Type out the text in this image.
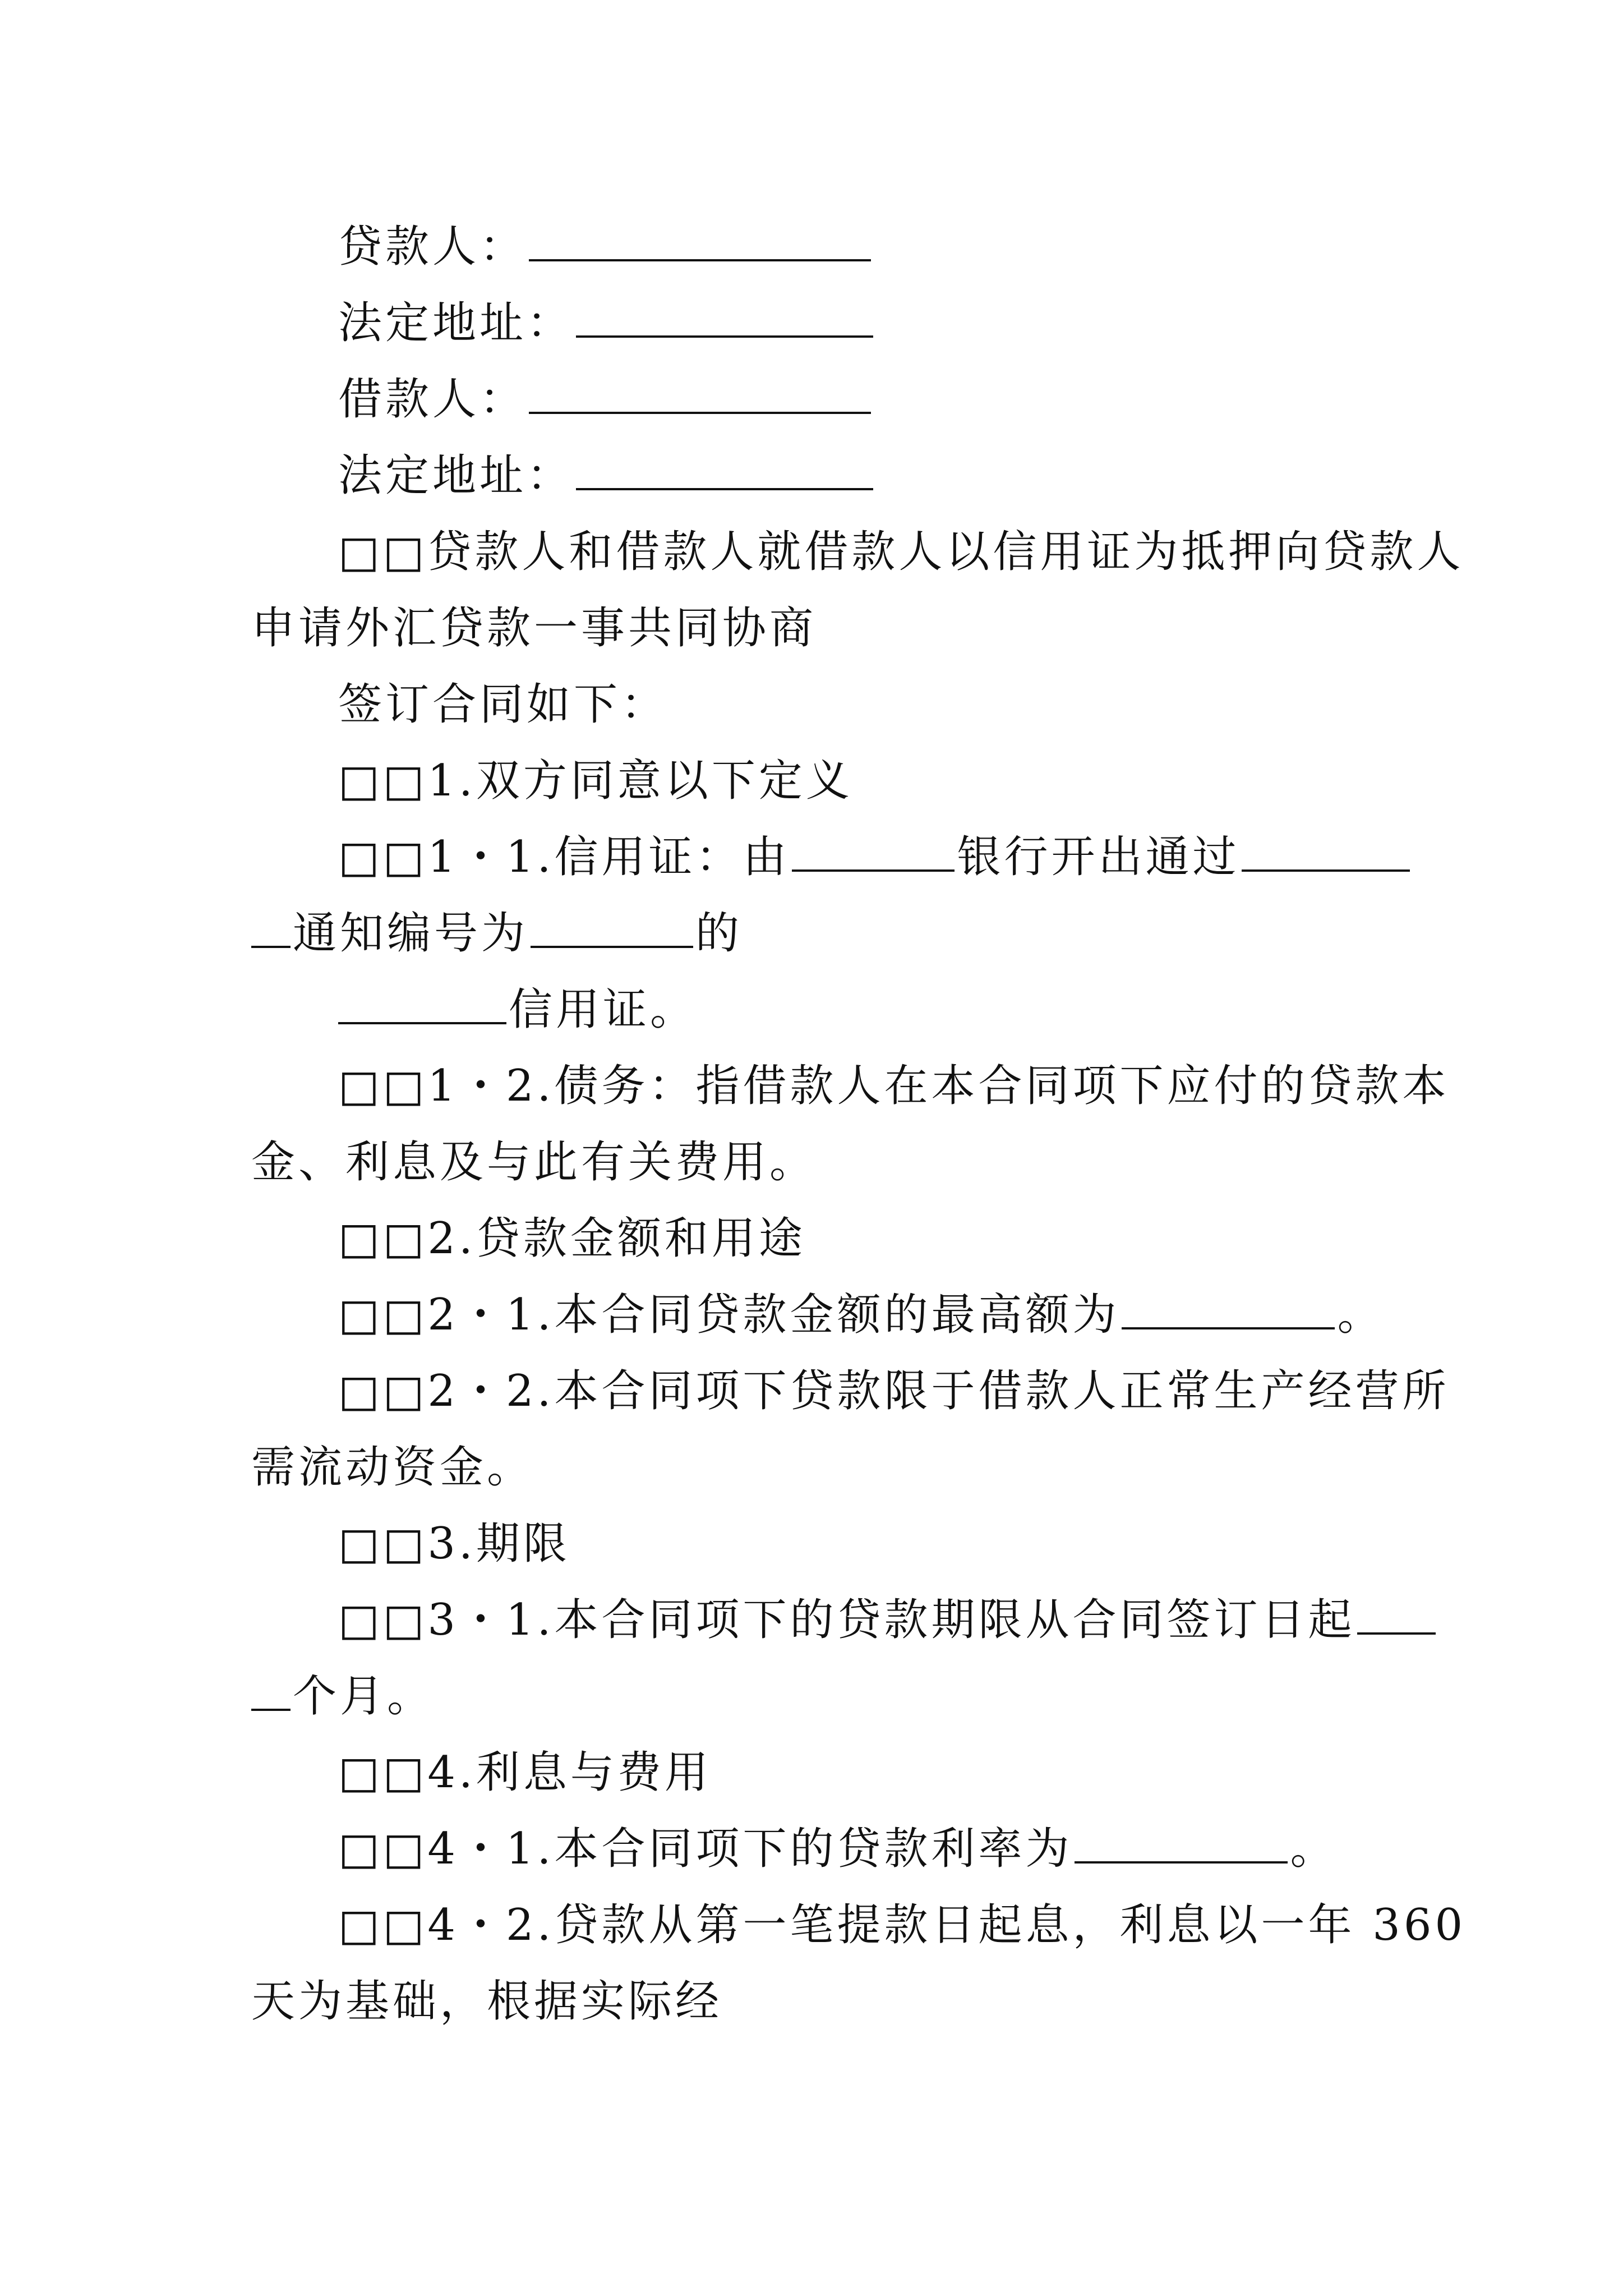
贷款人：
法定地址：
借款人：
法定地址：
□□贷款人和借款人就借款人以信用证为抵押向贷款人
申请外汇贷款一事共同协商
签订合同如下：
□□1.双方同意以下定义
□□1・1.信用证：由	银行开出通过
通知编号为	的
信用证。
□□1・2.债务：指借款人在本合同项下应付的贷款本
金、利息及与此有关费用。
□□2.贷款金额和用途
□□2・1.本合同贷款金额的最高额为	。
□□2・2.本合同项下贷款限于借款人正常生产经营所
需流动资金。
□□3.期限
□□3・1.本合同项下的贷款期限从合同签订日起
个月。
□□4.利息与费用
□□4・1.本合同项下的贷款利率为	。
□□4・2.贷款从第一笔提款日起息，利息以一年 360
天为基础，根据实际经
